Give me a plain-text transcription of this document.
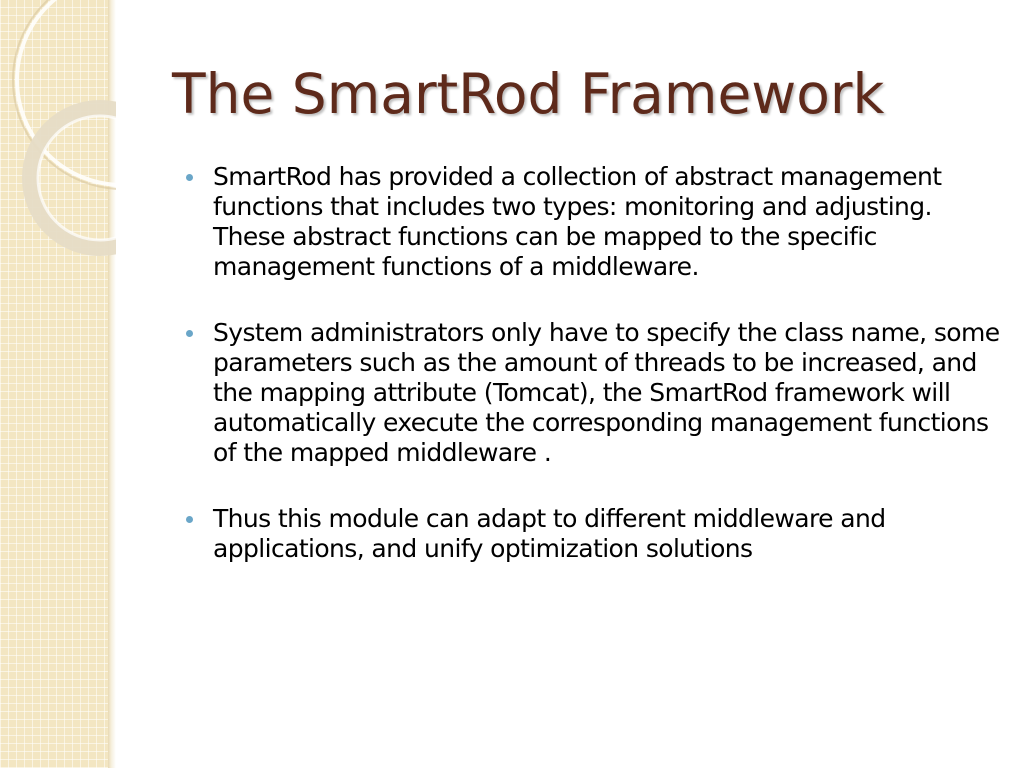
The SmartRod Framework
SmartRod has provided a collection of abstract management functions that includes two types: monitoring and adjusting. These abstract functions can be mapped to the specific management functions of a middleware.
System administrators only have to specify the class name, some parameters such as the amount of threads to be increased, and the mapping attribute (Tomcat), the SmartRod framework will automatically execute the corresponding management functions of the mapped middleware .
Thus this module can adapt to different middleware and applications, and unify optimization solutions
